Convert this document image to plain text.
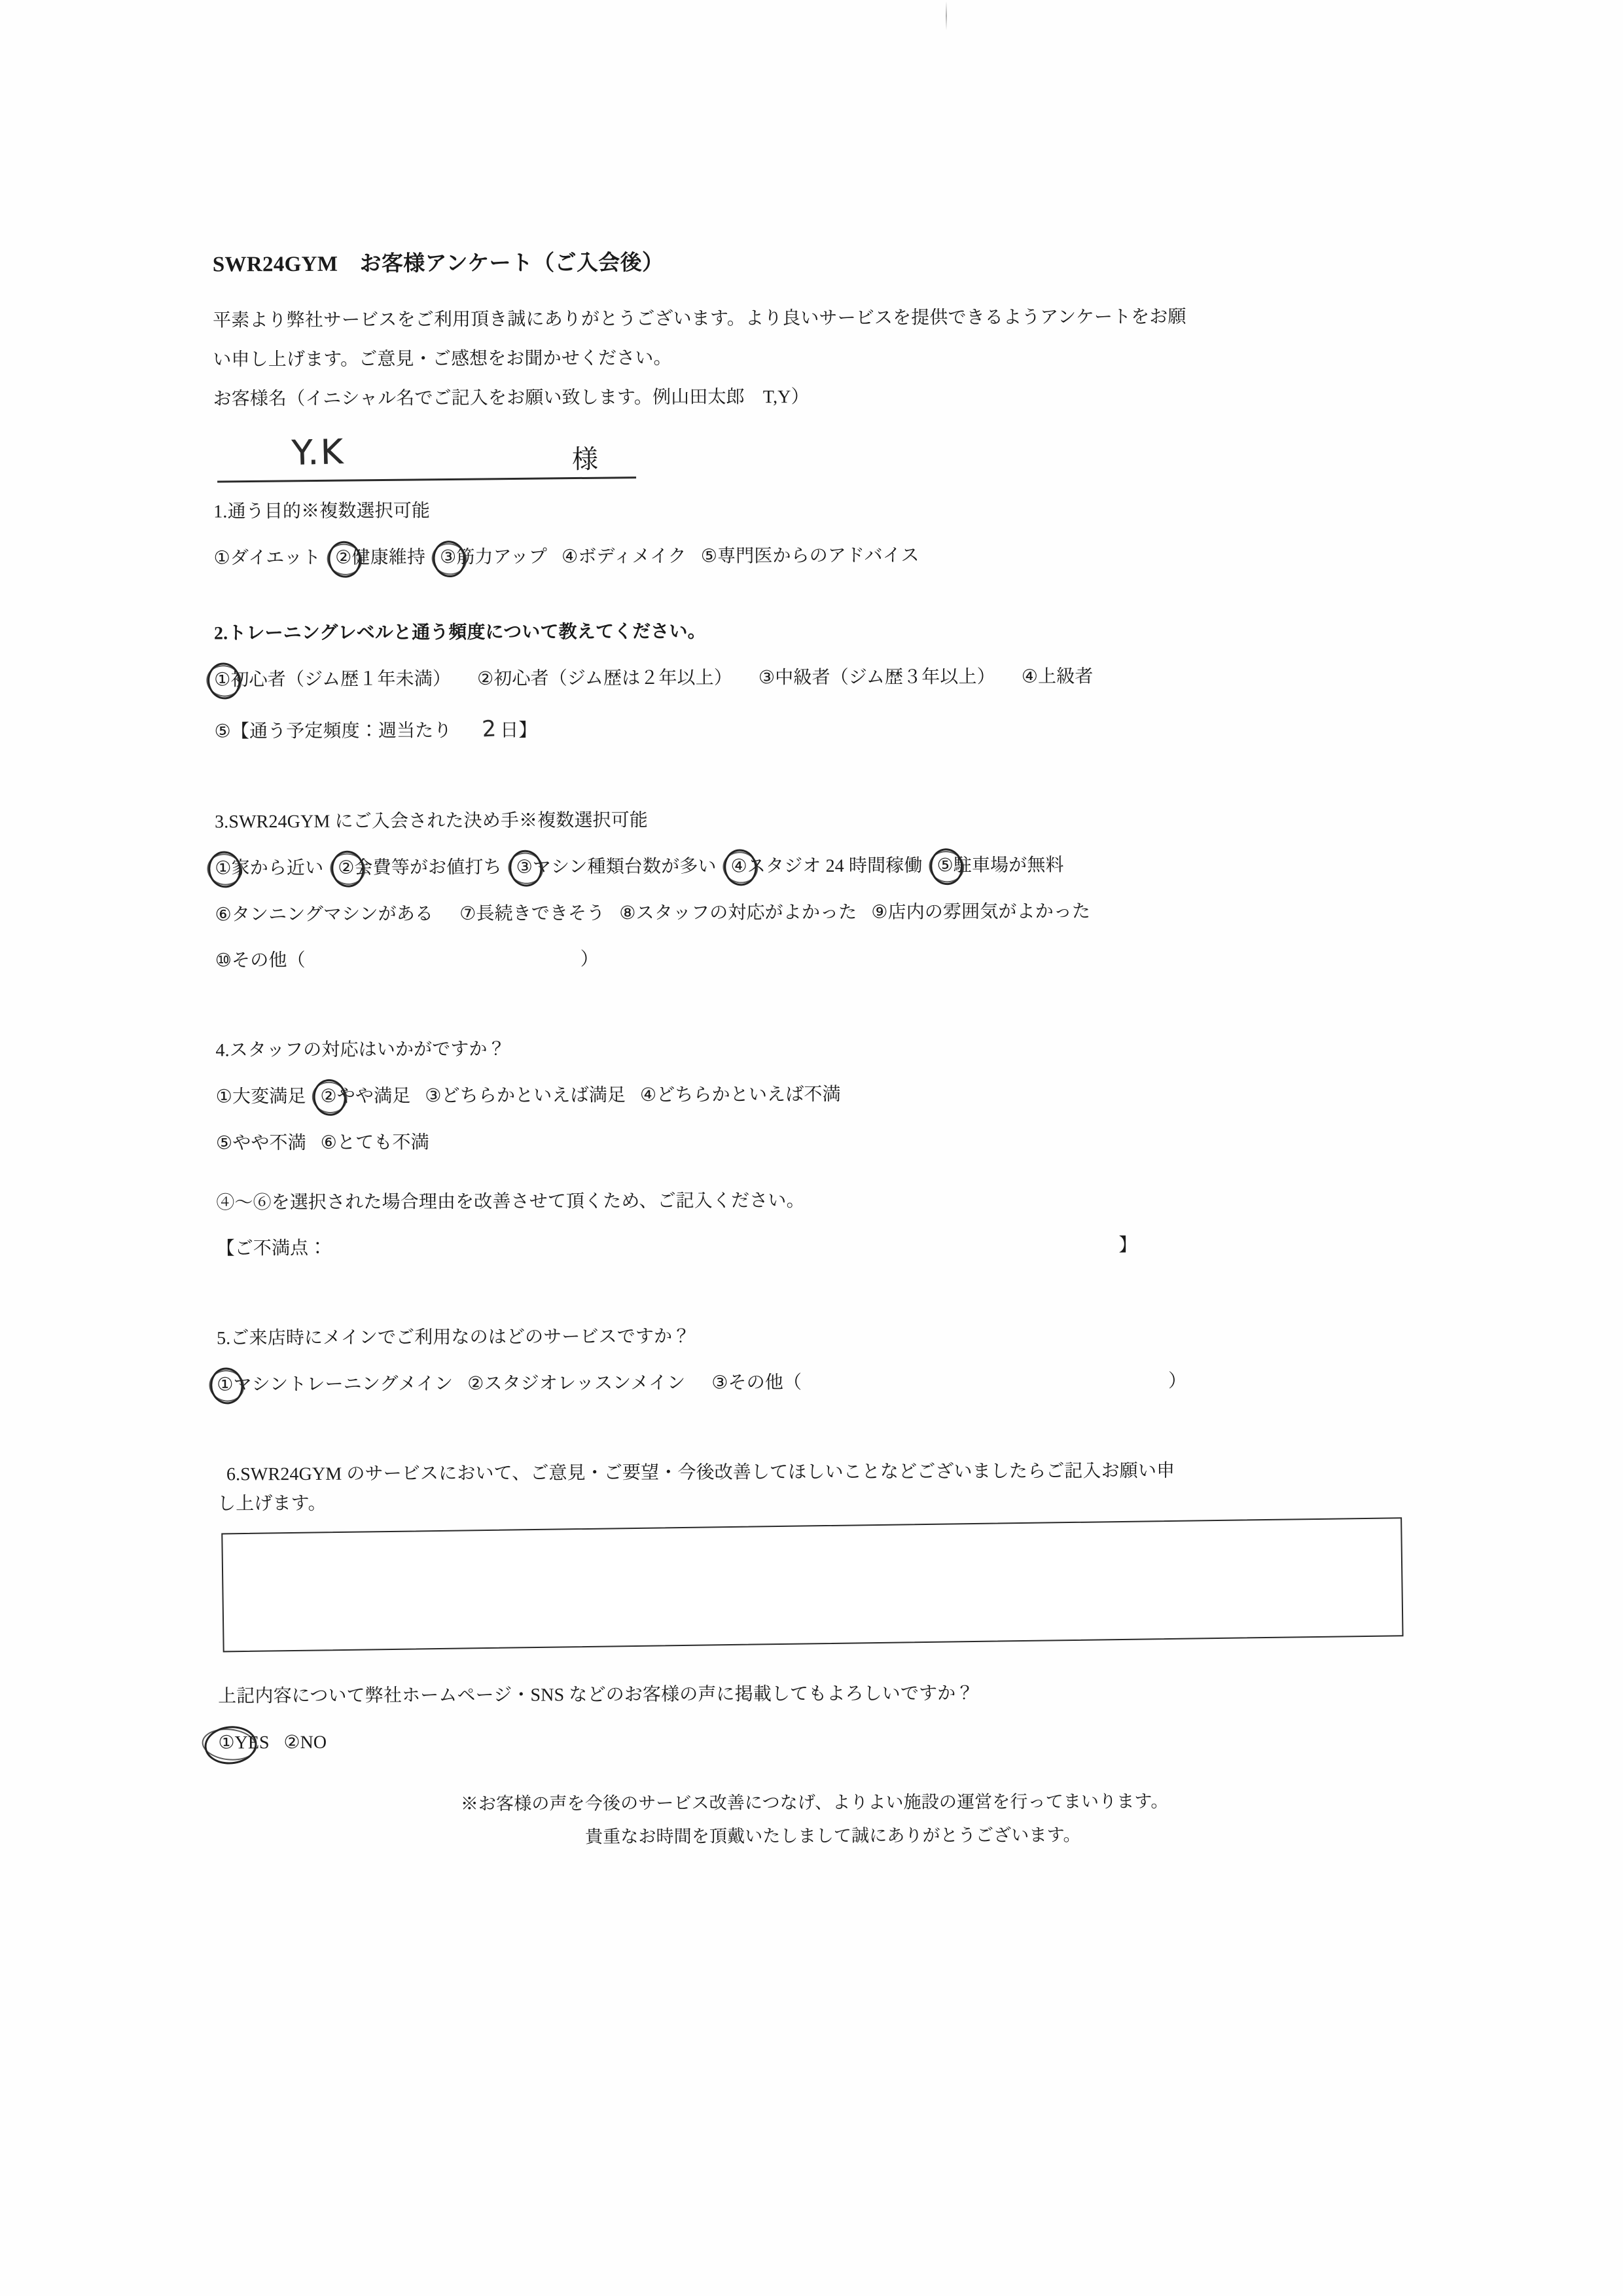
SWR24GYM　お客様アンケート（ご入会後）

平素より弊社サービスをご利用頂き誠にありがとうございます。より良いサービスを提供できるようアンケートをお願

い申し上げます。ご意見・ご感想をお聞かせください。

お客様名（イニシャル名でご記入をお願い致します。例山田太郎　T,Y）

Y.K	様

1.通う目的※複数選択可能

①ダイエット ②健康維持 ③筋力アップ ④ボディメイク ⑤専門医からのアドバイス

2.トレーニングレベルと通う頻度について教えてください。

①初心者（ジム歴１年未満） ②初心者（ジム歴は２年以上） ③中級者（ジム歴３年以上） ④上級者

⑤【通う予定頻度：週当たり 2 日】

3.SWR24GYM にご入会された決め手※複数選択可能

①家から近い ②会費等がお値打ち ③マシン種類台数が多い ④スタジオ 24 時間稼働 ⑤駐車場が無料

⑥タンニングマシンがある ⑦長続きできそう ⑧スタッフの対応がよかった ⑨店内の雰囲気がよかった

⑩その他（	）

4.スタッフの対応はいかがですか？

①大変満足 ②やや満足 ③どちらかといえば満足 ④どちらかといえば不満

⑤やや不満 ⑥とても不満

④～⑥を選択された場合理由を改善させて頂くため、ご記入ください。

【ご不満点：	】

5.ご来店時にメインでご利用なのはどのサービスですか？

①マシントレーニングメイン ②スタジオレッスンメイン ③その他（	）

6.SWR24GYM のサービスにおいて、ご意見・ご要望・今後改善してほしいことなどございましたらご記入お願い申

し上げます。

上記内容について弊社ホームページ・SNS などのお客様の声に掲載してもよろしいですか？

①YES ②NO

※お客様の声を今後のサービス改善につなげ、よりよい施設の運営を行ってまいります。

貴重なお時間を頂戴いたしまして誠にありがとうございます。
